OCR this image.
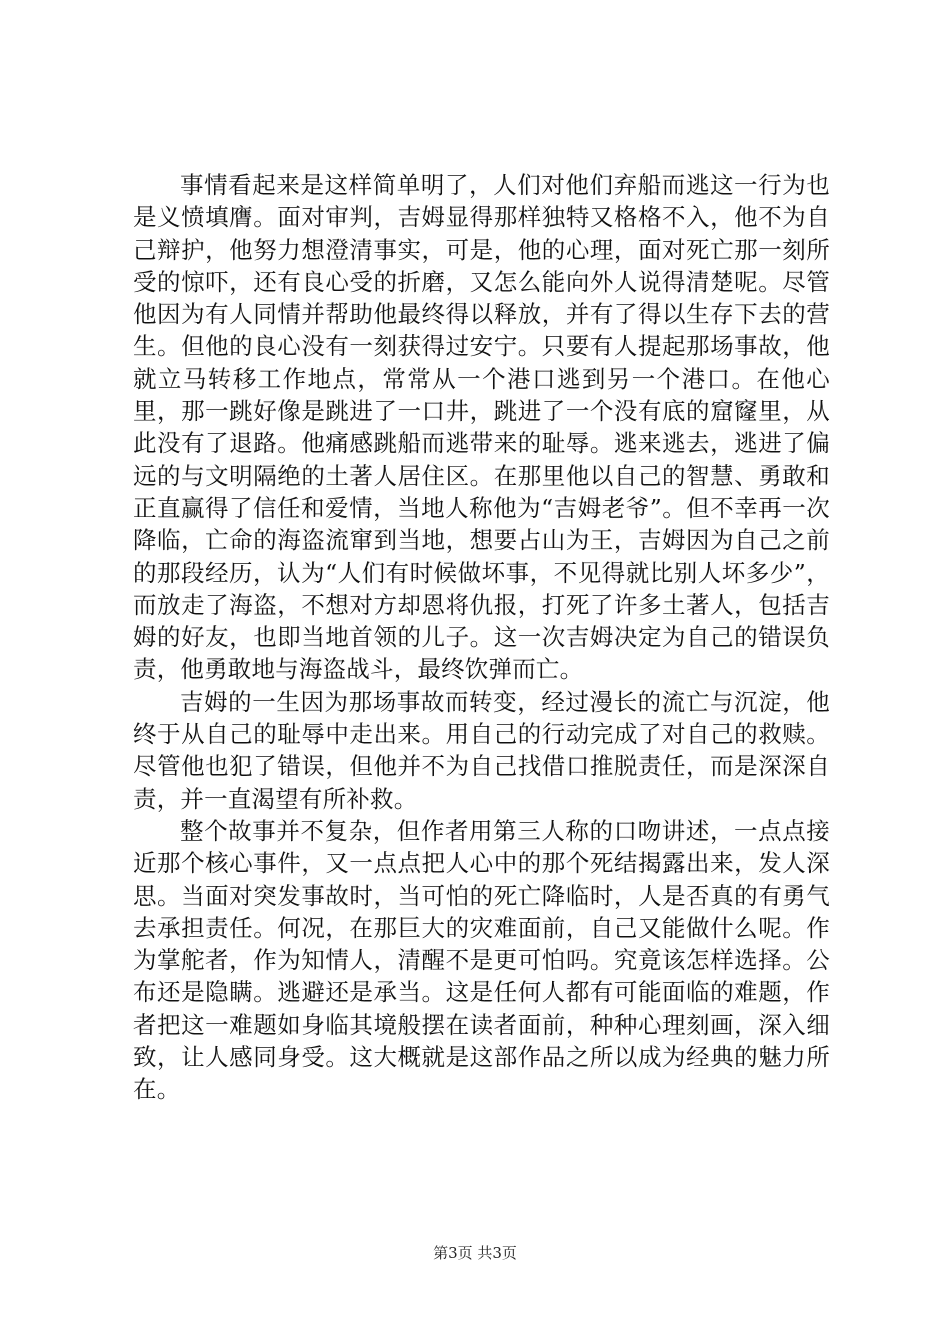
事情看起来是这样简单明了，人们对他们弃船而逃这一行为也是义愤填膺。面对审判，吉姆显得那样独特又格格不入，他不为自己辩护，他努力想澄清事实，可是，他的心理，面对死亡那一刻所受的惊吓，还有良心受的折磨，又怎么能向外人说得清楚呢。尽管他因为有人同情并帮助他最终得以释放，并有了得以生存下去的营生。但他的良心没有一刻获得过安宁。只要有人提起那场事故，他就立马转移工作地点，常常从一个港口逃到另一个港口。在他心里，那一跳好像是跳进了一口井，跳进了一个没有底的窟窿里，从此没有了退路。他痛感跳船而逃带来的耻辱。逃来逃去，逃进了偏远的与文明隔绝的土著人居住区。在那里他以自己的智慧、勇敢和正直赢得了信任和爱情，当地人称他为“吉姆老爷”。但不幸再一次降临，亡命的海盗流窜到当地，想要占山为王，吉姆因为自己之前的那段经历，认为“人们有时候做坏事，不见得就比别人坏多少”，而放走了海盗，不想对方却恩将仇报，打死了许多土著人，包括吉姆的好友，也即当地首领的儿子。这一次吉姆决定为自己的错误负责，他勇敢地与海盗战斗，最终饮弹而亡。

吉姆的一生因为那场事故而转变，经过漫长的流亡与沉淀，他终于从自己的耻辱中走出来。用自己的行动完成了对自己的救赎。尽管他也犯了错误，但他并不为自己找借口推脱责任，而是深深自责，并一直渴望有所补救。

整个故事并不复杂，但作者用第三人称的口吻讲述，一点点接近那个核心事件，又一点点把人心中的那个死结揭露出来，发人深思。当面对突发事故时，当可怕的死亡降临时，人是否真的有勇气去承担责任。何况，在那巨大的灾难面前，自己又能做什么呢。作为掌舵者，作为知情人，清醒不是更可怕吗。究竟该怎样选择。公布还是隐瞒。逃避还是承当。这是任何人都有可能面临的难题，作者把这一难题如身临其境般摆在读者面前，种种心理刻画，深入细致，让人感同身受。这大概就是这部作品之所以成为经典的魅力所在。

第3页 共3页
